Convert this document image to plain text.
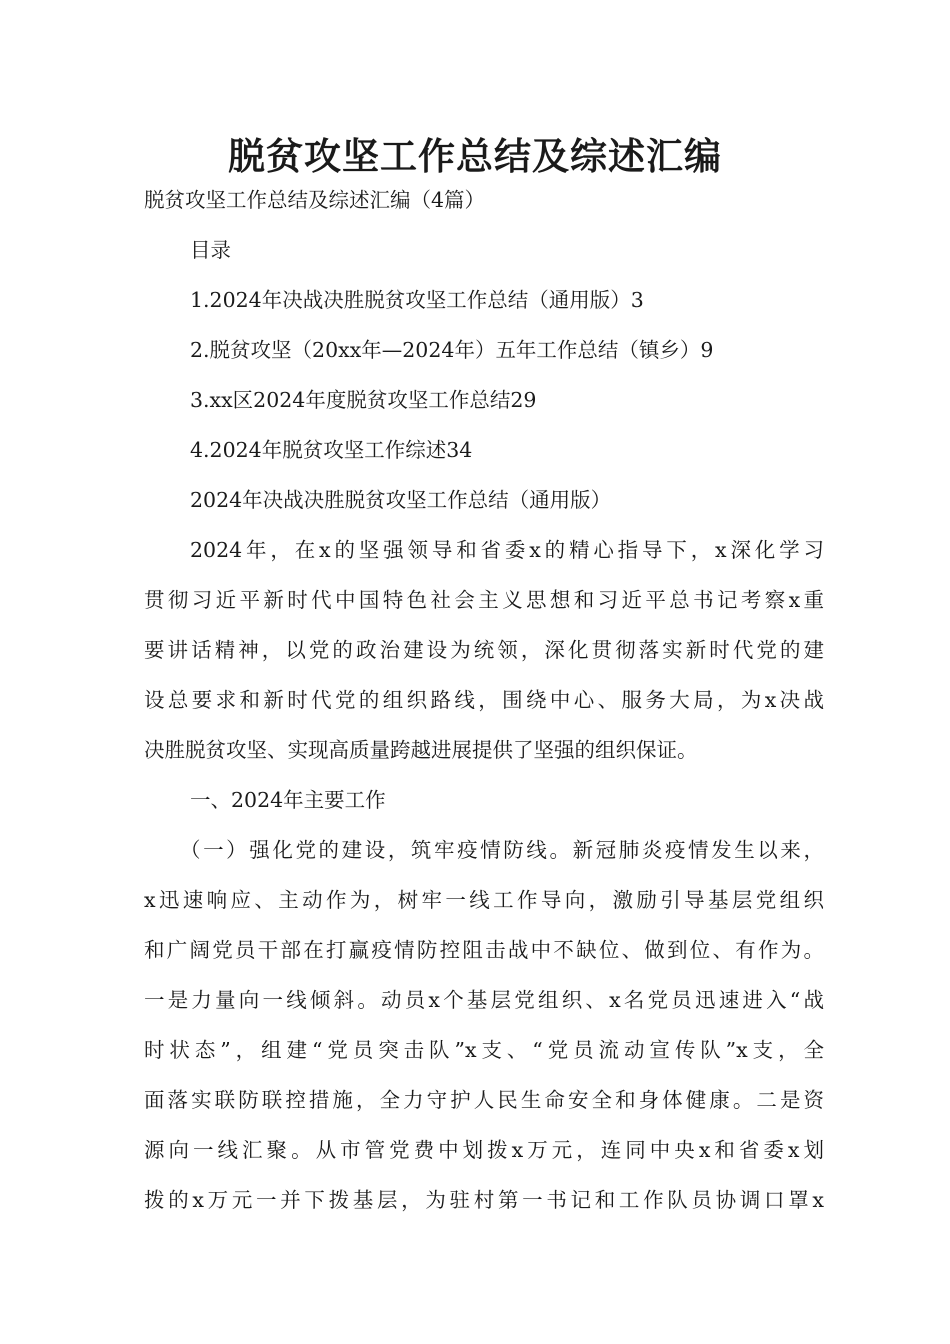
脱贫攻坚工作总结及综述汇编
脱贫攻坚工作总结及综述汇编（4篇）
目录
1.2024年决战决胜脱贫攻坚工作总结（通用版）3
2.脱贫攻坚（20xx年—2024年）五年工作总结（镇乡）9
3.xx区2024年度脱贫攻坚工作总结29
4.2024年脱贫攻坚工作综述34
2024年决战决胜脱贫攻坚工作总结（通用版）
2024年，在x的坚强领导和省委x的精心指导下，x深化学习
贯彻习近平新时代中国特色社会主义思想和习近平总书记考察x重
要讲话精神，以党的政治建设为统领，深化贯彻落实新时代党的建
设总要求和新时代党的组织路线，围绕中心、服务大局，为x决战
决胜脱贫攻坚、实现高质量跨越进展提供了坚强的组织保证。
一、2024年主要工作
（一）强化党的建设，筑牢疫情防线。新冠肺炎疫情发生以来，
x迅速响应、主动作为，树牢一线工作导向，激励引导基层党组织
和广阔党员干部在打赢疫情防控阻击战中不缺位、做到位、有作为。
一是力量向一线倾斜。动员x个基层党组织、x名党员迅速进入“战
时状态”，组建“党员突击队”x支、“党员流动宣传队”x支，全
面落实联防联控措施，全力守护人民生命安全和身体健康。二是资
源向一线汇聚。从市管党费中划拨x万元，连同中央x和省委x划
拨的x万元一并下拨基层，为驻村第一书记和工作队员协调口罩x
